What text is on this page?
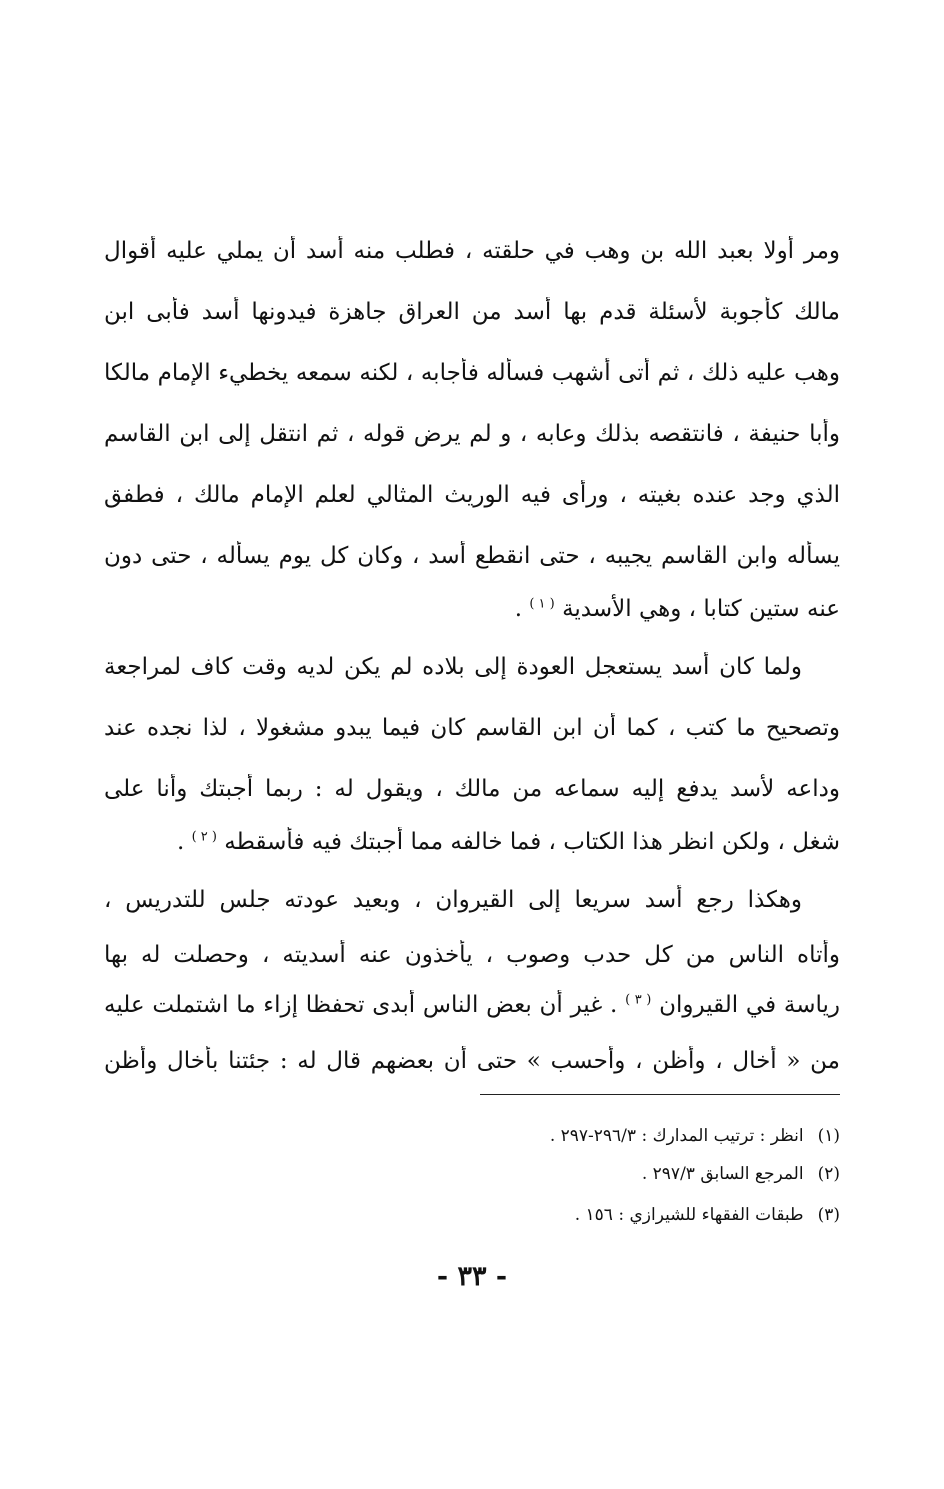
ومر أولا بعبد الله بن وهب في حلقته ، فطلب منه أسد أن يملي عليه أقوال
مالك كأجوبة لأسئلة قدم بها أسد من العراق جاهزة فيدونها أسد فأبى ابن
وهب عليه ذلك ، ثم أتى أشهب فسأله فأجابه ، لكنه سمعه يخطيء الإمام مالكا
وأبا حنيفة ، فانتقصه بذلك وعابه ، و لم يرض قوله ، ثم انتقل إلى ابن القاسم
الذي وجد عنده بغيته ، ورأى فيه الوريث المثالي لعلم الإمام مالك ، فطفق
يسأله وابن القاسم يجيبه ، حتى انقطع أسد ، وكان كل يوم يسأله ، حتى دون
عنه ستين كتابا ، وهي الأسدية $^{( ١ )}$ .
ولما كان أسد يستعجل العودة إلى بلاده لم يكن لديه وقت كاف لمراجعة
وتصحيح ما كتب ، كما أن ابن القاسم كان فيما يبدو مشغولا ، لذا نجده عند
وداعه لأسد يدفع إليه سماعه من مالك ، ويقول له : ربما أجبتك وأنا على
شغل ، ولكن انظر هذا الكتاب ، فما خالفه مما أجبتك فيه فأسقطه $^{( ٢ )}$ .
وهكذا رجع أسد سريعا إلى القيروان ، وبعيد عودته جلس للتدريس ،
وأتاه الناس من كل حدب وصوب ، يأخذون عنه أسديته ، وحصلت له بها
رياسة في القيروان $^{( ٣ )}$ . غير أن بعض الناس أبدى تحفظا إزاء ما اشتملت عليه
من « أخال ، وأظن ، وأحسب » حتى أن بعضهم قال له : جئتنا بأخال وأظن
(١)انظر : ترتيب المدارك : ٢٩٦/٣-٢٩٧ .
(٢)المرجع السابق ٢٩٧/٣ .
(٣)طبقات الفقهاء للشيرازي : ١٥٦ .
- ٣٣ -
